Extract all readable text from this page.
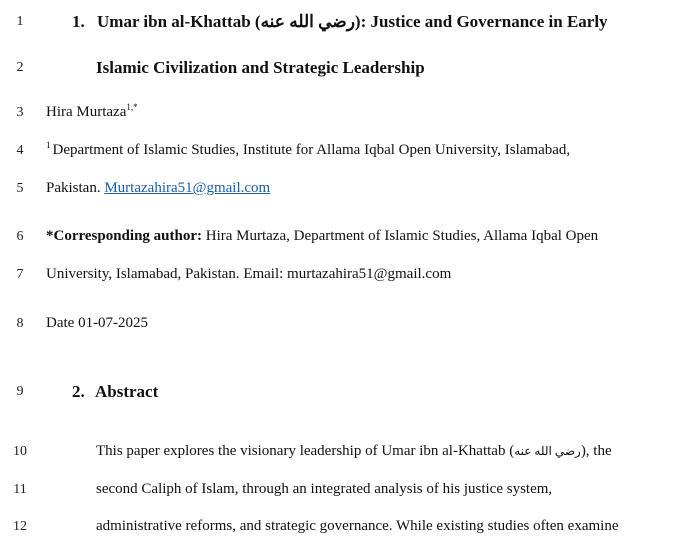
1
2
3
4
5
6
7
8
9
10
11
12
1. Umar ibn al-Khattab (رضي الله عنه): Justice and Governance in Early
Islamic Civilization and Strategic Leadership
Hira Murtaza$^{1,*}$
$^1$ Department of Islamic Studies, Institute for Allama Iqbal Open University, Islamabad,
Pakistan. Murtazahira51@gmail.com
*Corresponding author: Hira Murtaza, Department of Islamic Studies, Allama Iqbal Open
University, Islamabad, Pakistan. Email: murtazahira51@gmail.com
Date 01-07-2025
2. Abstract
This paper explores the visionary leadership of Umar ibn al-Khattab (رضي الله عنه), the
second Caliph of Islam, through an integrated analysis of his justice system,
administrative reforms, and strategic governance. While existing studies often examine
